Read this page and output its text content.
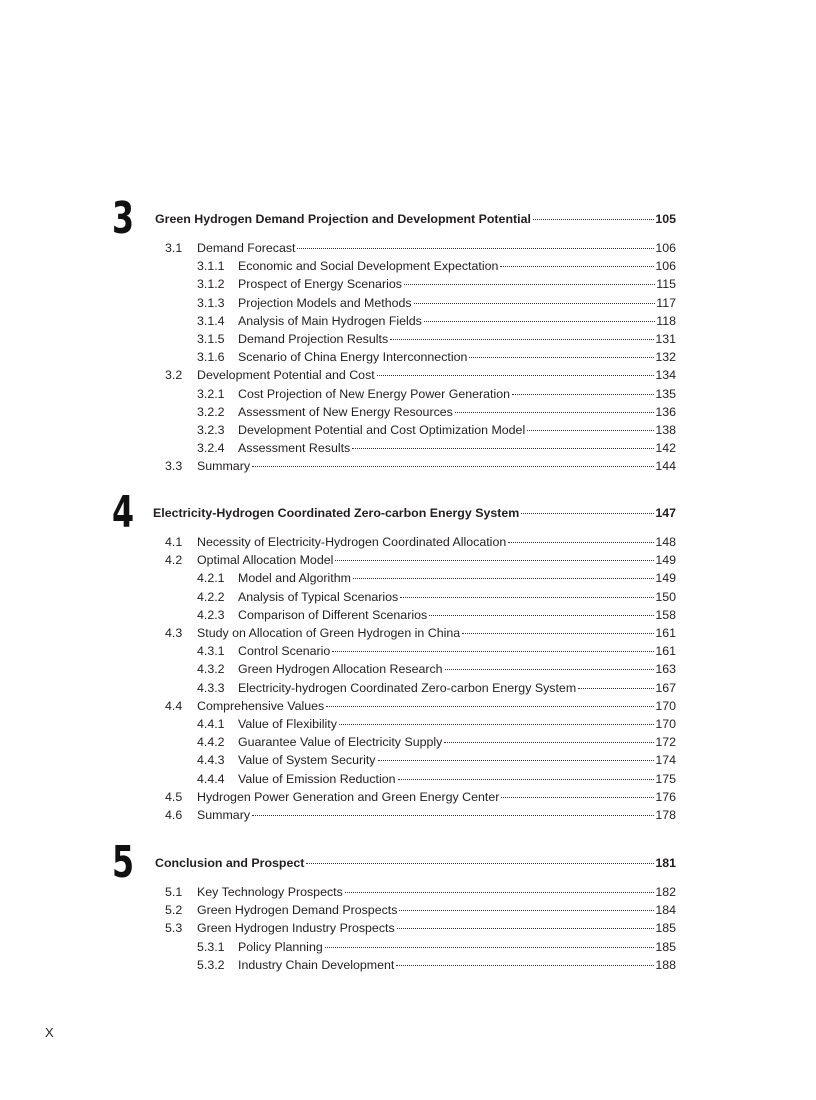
3 Green Hydrogen Demand Projection and Development Potential	105
3.1	Demand Forecast	106
3.1.1	Economic and Social Development Expectation	106
3.1.2	Prospect of Energy Scenarios	115
3.1.3	Projection Models and Methods	117
3.1.4	Analysis of Main Hydrogen Fields	118
3.1.5	Demand Projection Results	131
3.1.6	Scenario of China Energy Interconnection	132
3.2	Development Potential and Cost	134
3.2.1	Cost Projection of New Energy Power Generation	135
3.2.2	Assessment of New Energy Resources	136
3.2.3	Development Potential and Cost Optimization Model	138
3.2.4	Assessment Results	142
3.3	Summary	144
4 Electricity-Hydrogen Coordinated Zero-carbon Energy System	147
4.1	Necessity of Electricity-Hydrogen Coordinated Allocation	148
4.2	Optimal Allocation Model	149
4.2.1	Model and Algorithm	149
4.2.2	Analysis of Typical Scenarios	150
4.2.3	Comparison of Different Scenarios	158
4.3	Study on Allocation of Green Hydrogen in China	161
4.3.1	Control Scenario	161
4.3.2	Green Hydrogen Allocation Research	163
4.3.3	Electricity-hydrogen Coordinated Zero-carbon Energy System	167
4.4	Comprehensive Values	170
4.4.1	Value of Flexibility	170
4.4.2	Guarantee Value of Electricity Supply	172
4.4.3	Value of System Security	174
4.4.4	Value of Emission Reduction	175
4.5	Hydrogen Power Generation and Green Energy Center	176
4.6	Summary	178
5 Conclusion and Prospect	181
5.1	Key Technology Prospects	182
5.2	Green Hydrogen Demand Prospects	184
5.3	Green Hydrogen Industry Prospects	185
5.3.1	Policy Planning	185
5.3.2	Industry Chain Development	188
X
